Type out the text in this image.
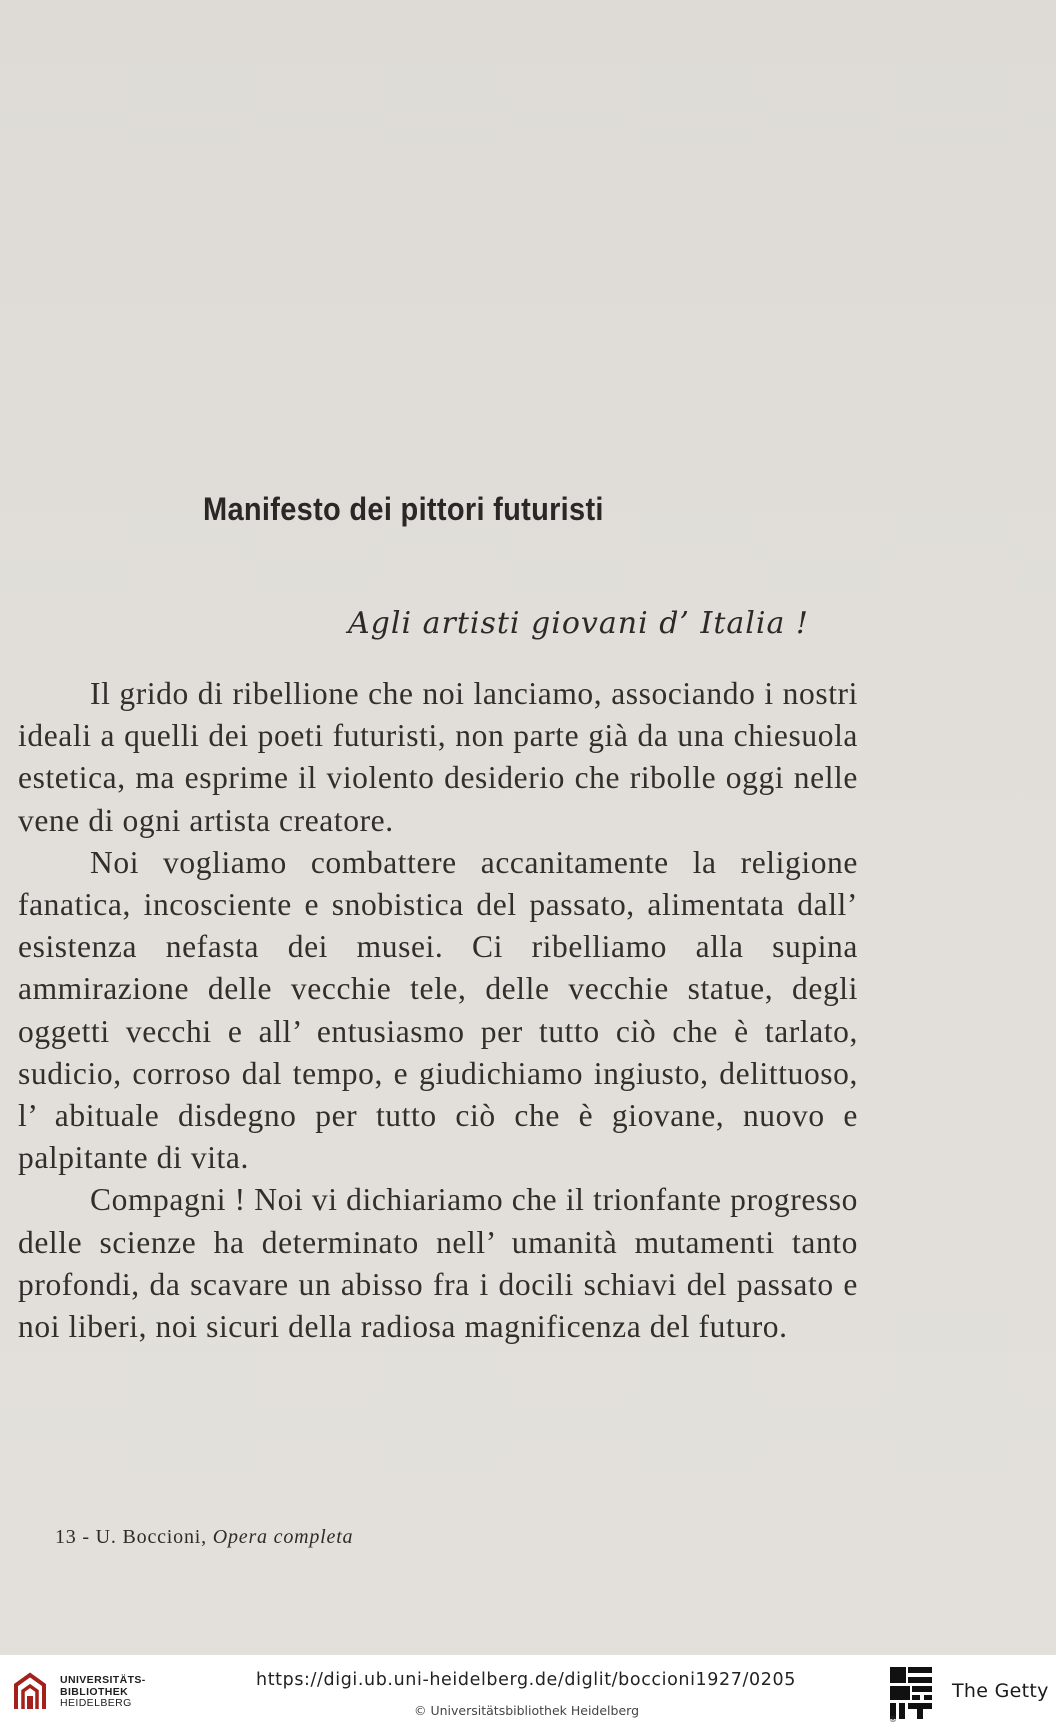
Manifesto dei pittori futuristi
Agli artisti giovani d’ Italia !

Il grido di ribellione che noi lanciamo, associando i nostri ideali a quelli dei poeti futuristi, non parte già da una chiesuola estetica, ma esprime il violento desiderio che ribolle oggi nelle vene di ogni artista creatore.

Noi vogliamo combattere accanitamente la religione fanatica, incosciente e snobistica del passato, alimentata dall’ esistenza nefasta dei musei. Ci ribelliamo alla supina ammirazione delle vecchie tele, delle vecchie statue, degli oggetti vecchi e all’ entusiasmo per tutto ciò che è tarlato, sudicio, corroso dal tempo, e giudichiamo ingiusto, delittuoso, l’ abituale disdegno per tutto ciò che è giovane, nuovo e palpitante di vita.

Compagni ! Noi vi dichiariamo che il trionfante progresso delle scienze ha determinato nell’ umanità mutamenti tanto profondi, da scavare un abisso fra i docili schiavi del passato e noi liberi, noi sicuri della radiosa magnificenza del futuro.

13 - U. Boccioni, Opera completa
UNIVERSITÄTS-
BIBLIOTHEK
HEIDELBERG
https://digi.ub.uni-heidelberg.de/diglit/boccioni1927/0205
© Universitätsbibliothek Heidelberg
®
The Getty
